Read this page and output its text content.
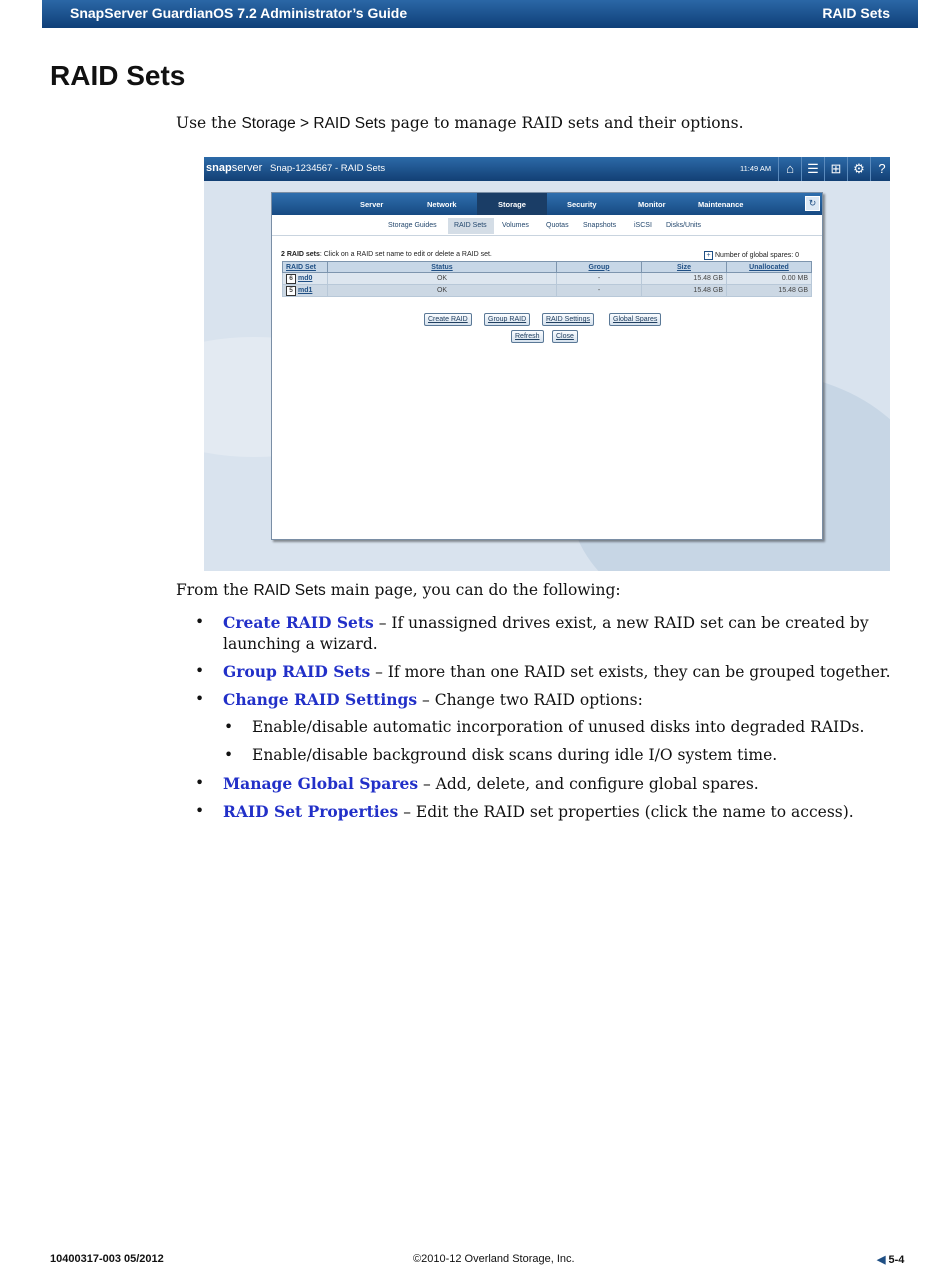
SnapServer GuardianOS 7.2 Administrator’s Guide	RAID Sets
RAID Sets
Use the Storage > RAID Sets page to manage RAID sets and their options.
snapserver Snap-1234567 - RAID Sets	11:49 AM	⌂	☰ ⊞ ⚙	?
Server	Network	Storage	Security	Monitor	Maintenance	↻
Storage Guides RAID Sets Volumes Quotas Snapshots	iSCSI Disks/Units
2 RAID sets: Click on a RAID set name to edit or delete a RAID set.	+ Number of global spares: 0
RAID Set	Status	Group	Size	Unallocated
6 md0	OK	-	15.48 GB	0.00 MB
5 md1	OK	-	15.48 GB	15.48 GB
Create RAID	Group RAID	RAID Settings	Global Spares
Refresh	Close
From the RAID Sets main page, you can do the following:
• Create RAID Sets – If unassigned drives exist, a new RAID set can be created by
launching a wizard.
• Group RAID Sets – If more than one RAID set exists, they can be grouped together.
• Change RAID Settings – Change two RAID options:
• Enable/disable automatic incorporation of unused disks into degraded RAIDs.
• Enable/disable background disk scans during idle I/O system time.
• Manage Global Spares – Add, delete, and configure global spares.
• RAID Set Properties – Edit the RAID set properties (click the name to access).
10400317-003 05/2012	©2010-12 Overland Storage, Inc.	◀ 5-4
